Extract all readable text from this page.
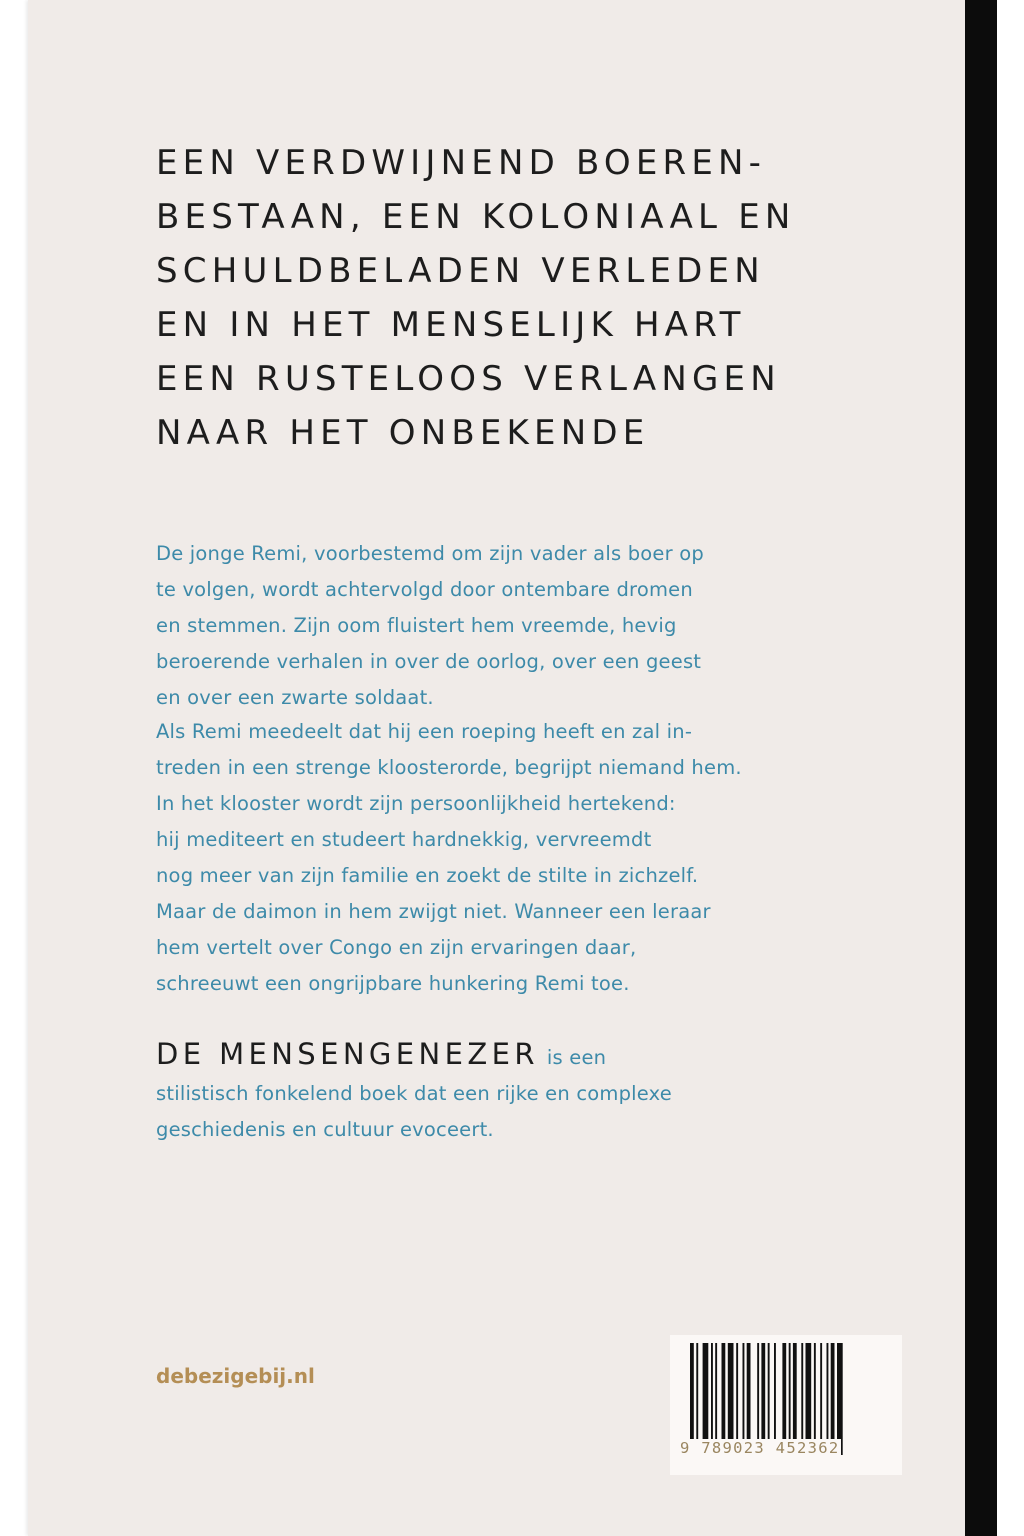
EEN VERDWIJNEND BOEREN-
BESTAAN, EEN KOLONIAAL EN
SCHULDBELADEN VERLEDEN
EN IN HET MENSELIJK HART
EEN RUSTELOOS VERLANGEN
NAAR HET ONBEKENDE
De jonge Remi, voorbestemd om zijn vader als boer op
te volgen, wordt achtervolgd door ontembare dromen
en stemmen. Zijn oom fluistert hem vreemde, hevig
beroerende verhalen in over de oorlog, over een geest
en over een zwarte soldaat.
Als Remi meedeelt dat hij een roeping heeft en zal in-
treden in een strenge kloosterorde, begrijpt niemand hem.
In het klooster wordt zijn persoonlijkheid hertekend:
hij mediteert en studeert hardnekkig, vervreemdt
nog meer van zijn familie en zoekt de stilte in zichzelf.
Maar de daimon in hem zwijgt niet. Wanneer een leraar
hem vertelt over Congo en zijn ervaringen daar,
schreeuwt een ongrijpbare hunkering Remi toe.
DE MENSENGENEZER is een
stilistisch fonkelend boek dat een rijke en complexe
geschiedenis en cultuur evoceert.
debezigebij.nl
9 789023 452362
